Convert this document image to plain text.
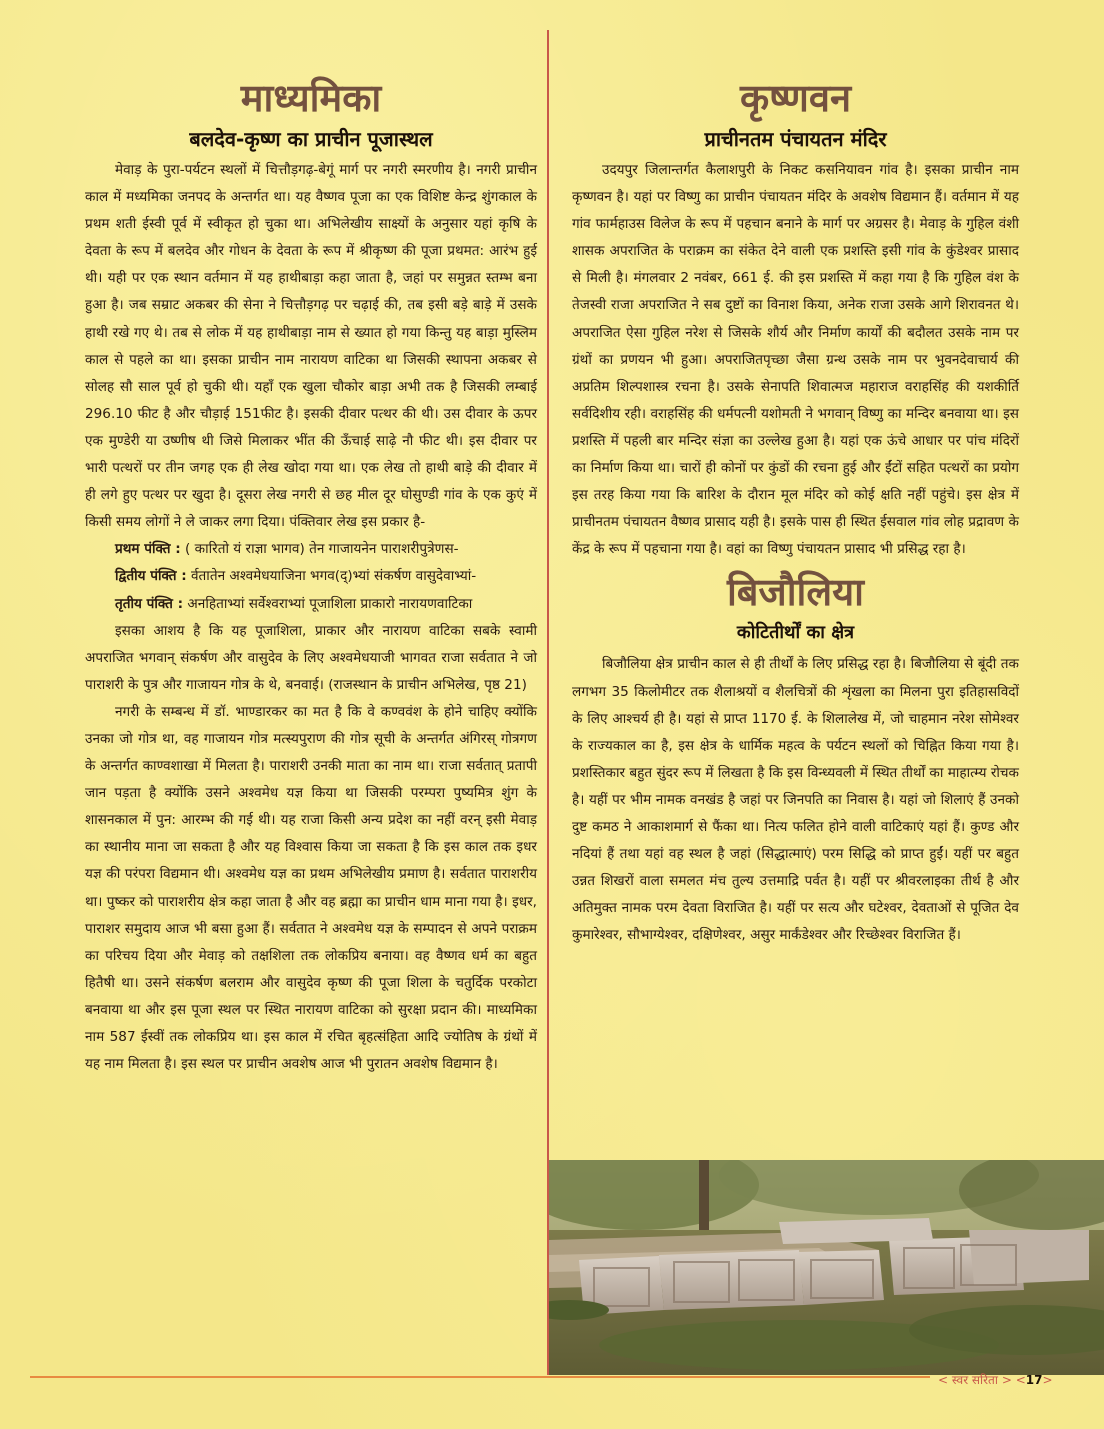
माध्यमिका
बलदेव-कृष्ण का प्राचीन पूजास्थल

मेवाड़ के पुरा-पर्यटन स्थलों में चित्तौड़गढ़-बेगूं मार्ग पर नगरी स्मरणीय है। नगरी प्राचीन काल में मध्यमिका जनपद के अन्तर्गत था। यह वैष्णव पूजा का एक विशिष्ट केन्द्र शुंगकाल के प्रथम शती ईस्वी पूर्व में स्वीकृत हो चुका था। अभिलेखीय साक्ष्यों के अनुसार यहां कृषि के देवता के रूप में बलदेव और गोधन के देवता के रूप में श्रीकृष्ण की पूजा प्रथमत: आरंभ हुई थी। यही पर एक स्थान वर्तमान में यह हाथीबाड़ा कहा जाता है, जहां पर समुन्नत स्तम्भ बना हुआ है। जब सम्राट अकबर की सेना ने चित्तौड़गढ़ पर चढ़ाई की, तब इसी बड़े बाड़े में उसके हाथी रखे गए थे। तब से लोक में यह हाथीबाड़ा नाम से ख्यात हो गया किन्तु यह बाड़ा मुस्लिम काल से पहले का था। इसका प्राचीन नाम नारायण वाटिका था जिसकी स्थापना अकबर से सोलह सौ साल पूर्व हो चुकी थी। यहाँ एक खुला चौकोर बाड़ा अभी तक है जिसकी लम्बाई 296.10 फीट है और चौड़ाई 151फीट है। इसकी दीवार पत्थर की थी। उस दीवार के ऊपर एक मुण्डेरी या उष्णीष थी जिसे मिलाकर भींत की ऊँचाई साढ़े नौ फीट थी। इस दीवार पर भारी पत्थरों पर तीन जगह एक ही लेख खोदा गया था। एक लेख तो हाथी बाड़े की दीवार में ही लगे हुए पत्थर पर खुदा है। दूसरा लेख नगरी से छह मील दूर घोसुण्डी गांव के एक कुएं में किसी समय लोगों ने ले जाकर लगा दिया। पंक्तिवार लेख इस प्रकार है-

प्रथम पंक्ति : ( कारितो यं राज्ञा भागव) तेन गाजायनेन पाराशरीपुत्रेणस-

द्वितीय पंक्ति : र्वतातेन अश्वमेधयाजिना भगव(द्)भ्यां संकर्षण वासुदेवाभ्यां-

तृतीय पंक्ति : अनहिताभ्यां सर्वेश्वराभ्यां पूजाशिला प्राकारो नारायणवाटिका

इसका आशय है कि यह पूजाशिला, प्राकार और नारायण वाटिका सबके स्वामी अपराजित भगवान् संकर्षण और वासुदेव के लिए अश्वमेधयाजी भागवत राजा सर्वतात ने जो पाराशरी के पुत्र और गाजायन गोत्र के थे, बनवाई। (राजस्थान के प्राचीन अभिलेख, पृष्ठ 21)

नगरी के सम्बन्ध में डॉ. भाण्डारकर का मत है कि वे कण्ववंश के होने चाहिए क्योंकि उनका जो गोत्र था, वह गाजायन गोत्र मत्स्यपुराण की गोत्र सूची के अन्तर्गत अंगिरस् गोत्रगण के अन्तर्गत काण्वशाखा में मिलता है। पाराशरी उनकी माता का नाम था। राजा सर्वतात् प्रतापी जान पड़ता है क्योंकि उसने अश्वमेध यज्ञ किया था जिसकी परम्परा पुष्यमित्र शुंग के शासनकाल में पुन: आरम्भ की गई थी। यह राजा किसी अन्य प्रदेश का नहीं वरन् इसी मेवाड़ का स्थानीय माना जा सकता है और यह विश्वास किया जा सकता है कि इस काल तक इधर यज्ञ की परंपरा विद्यमान थी। अश्वमेध यज्ञ का प्रथम अभिलेखीय प्रमाण है। सर्वतात पाराशरीय था। पुष्कर को पाराशरीय क्षेत्र कहा जाता है और वह ब्रह्मा का प्राचीन धाम माना गया है। इधर, पाराशर समुदाय आज भी बसा हुआ हैं। सर्वतात ने अश्वमेध यज्ञ के सम्पादन से अपने पराक्रम का परिचय दिया और मेवाड़ को तक्षशिला तक लोकप्रिय बनाया। वह वैष्णव धर्म का बहुत हितैषी था। उसने संकर्षण बलराम और वासुदेव कृष्ण की पूजा शिला के चतुर्दिक परकोटा बनवाया था और इस पूजा स्थल पर स्थित नारायण वाटिका को सुरक्षा प्रदान की। माध्यमिका नाम 587 ईस्वीं तक लोकप्रिय था। इस काल में रचित बृहत्संहिता आदि ज्योतिष के ग्रंथों में यह नाम मिलता है। इस स्थल पर प्राचीन अवशेष आज भी पुरातन अवशेष विद्यमान है।

कृष्णवन
प्राचीनतम पंचायतन मंदिर

उदयपुर जिलान्तर्गत कैलाशपुरी के निकट कसनियावन गांव है। इसका प्राचीन नाम कृष्णवन है। यहां पर विष्णु का प्राचीन पंचायतन मंदिर के अवशेष विद्यमान हैं। वर्तमान में यह गांव फार्महाउस विलेज के रूप में पहचान बनाने के मार्ग पर अग्रसर है। मेवाड़ के गुहिल वंशी शासक अपराजित के पराक्रम का संकेत देने वाली एक प्रशस्ति इसी गांव के कुंडेश्वर प्रासाद से मिली है। मंगलवार 2 नवंबर, 661 ई. की इस प्रशस्ति में कहा गया है कि गुहिल वंश के तेजस्वी राजा अपराजित ने सब दुष्टों का विनाश किया, अनेक राजा उसके आगे शिरावनत थे। अपराजित ऐसा गुहिल नरेश से जिसके शौर्य और निर्माण कार्यों की बदौलत उसके नाम पर ग्रंथों का प्रणयन भी हुआ। अपराजितपृच्छा जैसा ग्रन्थ उसके नाम पर भुवनदेवाचार्य की अप्रतिम शिल्पशास्त्र रचना है। उसके सेनापति शिवात्मज महाराज वराहसिंह की यशकीर्ति सर्वदिशीय रही। वराहसिंह की धर्मपत्नी यशोमती ने भगवान् विष्णु का मन्दिर बनवाया था। इस प्रशस्ति में पहली बार मन्दिर संज्ञा का उल्लेख हुआ है। यहां एक ऊंचे आधार पर पांच मंदिरों का निर्माण किया था। चारों ही कोनों पर कुंडों की रचना हुई और ईंटों सहित पत्थरों का प्रयोग इस तरह किया गया कि बारिश के दौरान मूल मंदिर को कोई क्षति नहीं पहुंचे। इस क्षेत्र में प्राचीनतम पंचायतन वैष्णव प्रासाद यही है। इसके पास ही स्थित ईसवाल गांव लोह प्रद्रावण के केंद्र के रूप में पहचाना गया है। वहां का विष्णु पंचायतन प्रासाद भी प्रसिद्ध रहा है।

बिजौलिया
कोटितीर्थों का क्षेत्र

बिजौलिया क्षेत्र प्राचीन काल से ही तीर्थों के लिए प्रसिद्ध रहा है। बिजौलिया से बूंदी तक लगभग 35 किलोमीटर तक शैलाश्रयों व शैलचित्रों की शृंखला का मिलना पुरा इतिहासविदों के लिए आश्चर्य ही है। यहां से प्राप्त 1170 ई. के शिलालेख में, जो चाहमान नरेश सोमेश्वर के राज्यकाल का है, इस क्षेत्र के धार्मिक महत्व के पर्यटन स्थलों को चिह्नित किया गया है। प्रशस्तिकार बहुत सुंदर रूप में लिखता है कि इस विन्ध्यवली में स्थित तीर्थों का माहात्म्य रोचक है। यहीं पर भीम नामक वनखंड है जहां पर जिनपति का निवास है। यहां जो शिलाएं हैं उनको दुष्ट कमठ ने आकाशमार्ग से फैंका था। नित्य फलित होने वाली वाटिकाएं यहां हैं। कुण्ड और नदियां हैं तथा यहां वह स्थल है जहां (सिद्धात्माएं) परम सिद्धि को प्राप्त हुईं। यहीं पर बहुत उन्नत शिखरों वाला समलत मंच तुल्य उत्तमाद्रि पर्वत है। यहीं पर श्रीवरलाइका तीर्थ है और अतिमुक्त नामक परम देवता विराजित है। यहीं पर सत्य और घटेश्वर, देवताओं से पूजित देव कुमारेश्वर, सौभाग्येश्वर, दक्षिणेश्वर, असुर मार्कंडेश्वर और रिच्छेश्वर विराजित हैं।

< स्वर सरिता > <17>
